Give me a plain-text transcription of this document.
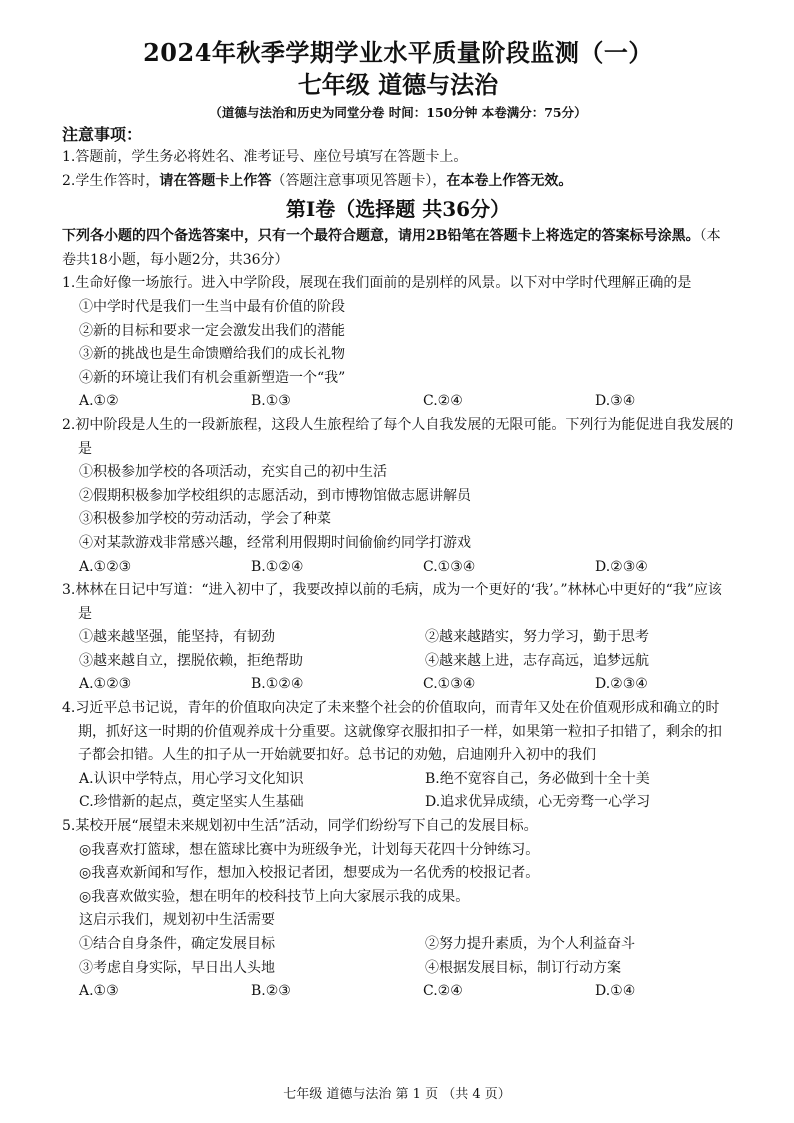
2024年秋季学期学业水平质量阶段监测（一）
七年级 道德与法治
（道德与法治和历史为同堂分卷 时间：150分钟 本卷满分：75分）
注意事项：
1.答题前，学生务必将姓名、准考证号、座位号填写在答题卡上。
2.学生作答时，请在答题卡上作答（答题注意事项见答题卡），在本卷上作答无效。
第Ⅰ卷（选择题 共36分）
下列各小题的四个备选答案中，只有一个最符合题意，请用2B铅笔在答题卡上将选定的答案标号涂黑。（本卷共18小题，每小题2分，共36分）
1.生命好像一场旅行。进入中学阶段，展现在我们面前的是别样的风景。以下对中学时代理解正确的是
①中学时代是我们一生当中最有价值的阶段
②新的目标和要求一定会激发出我们的潜能
③新的挑战也是生命馈赠给我们的成长礼物
④新的环境让我们有机会重新塑造一个“我”
A.①②	B.①③	C.②④	D.③④
2.初中阶段是人生的一段新旅程，这段人生旅程给了每个人自我发展的无限可能。下列行为能促进自我发展的是
①积极参加学校的各项活动，充实自己的初中生活
②假期积极参加学校组织的志愿活动，到市博物馆做志愿讲解员
③积极参加学校的劳动活动，学会了种菜
④对某款游戏非常感兴趣，经常利用假期时间偷偷约同学打游戏
A.①②③	B.①②④	C.①③④	D.②③④
3.林林在日记中写道：“进入初中了，我要改掉以前的毛病，成为一个更好的‘我’。”林林心中更好的“我”应该是
①越来越坚强，能坚持，有韧劲	②越来越踏实，努力学习，勤于思考
③越来越自立，摆脱依赖，拒绝帮助	④越来越上进，志存高远，追梦远航
A.①②③	B.①②④	C.①③④	D.②③④
4.习近平总书记说，青年的价值取向决定了未来整个社会的价值取向，而青年又处在价值观形成和确立的时期，抓好这一时期的价值观养成十分重要。这就像穿衣服扣扣子一样，如果第一粒扣子扣错了，剩余的扣子都会扣错。人生的扣子从一开始就要扣好。总书记的劝勉，启迪刚升入初中的我们
A.认识中学特点，用心学习文化知识	B.绝不宽容自己，务必做到十全十美
C.珍惜新的起点，奠定坚实人生基础	D.追求优异成绩，心无旁骛一心学习
5.某校开展“展望未来规划初中生活”活动，同学们纷纷写下自己的发展目标。
◎我喜欢打篮球，想在篮球比赛中为班级争光，计划每天花四十分钟练习。
◎我喜欢新闻和写作，想加入校报记者团，想要成为一名优秀的校报记者。
◎我喜欢做实验，想在明年的校科技节上向大家展示我的成果。
这启示我们，规划初中生活需要
①结合自身条件，确定发展目标	②努力提升素质，为个人利益奋斗
③考虑自身实际，早日出人头地	④根据发展目标，制订行动方案
A.①③	B.②③	C.②④	D.①④
七年级 道德与法治 第 1 页 （共 4 页）
